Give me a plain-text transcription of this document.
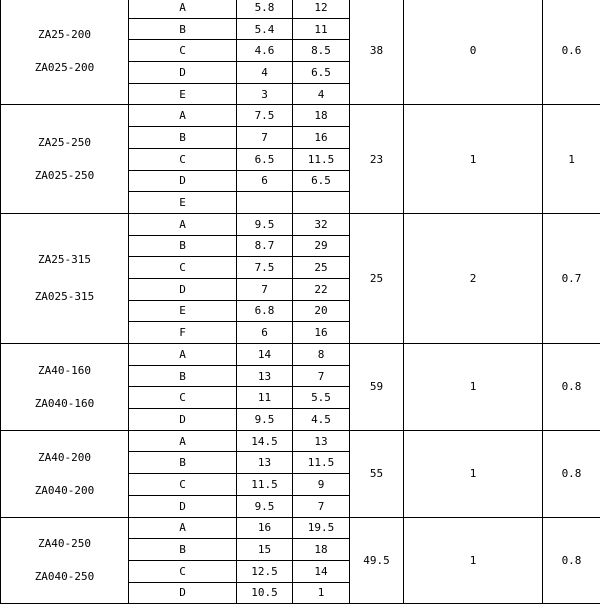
ZA25-200
ZA025-200	A	5.8	12	38	0	0.6
	B	5.4	11			
	C	4.6	8.5			
	D	4	6.5			
	E	3	4			

ZA25-250
ZA025-250	A	7.5	18	23	1	1
	B	7	16			
	C	6.5	11.5			
	D	6	6.5			
	E					

ZA25-315
ZA025-315	A	9.5	32	25	2	0.7
	B	8.7	29			
	C	7.5	25			
	D	7	22			
	E	6.8	20			
	F	6	16			

ZA40-160
ZA040-160	A	14	8	59	1	0.8
	B	13	7			
	C	11	5.5			
	D	9.5	4.5			

ZA40-200
ZA040-200	A	14.5	13	55	1	0.8
	B	13	11.5			
	C	11.5	9			
	D	9.5	7			

ZA40-250
ZA040-250	A	16	19.5	49.5	1	0.8
	B	15	18			
	C	12.5	14			
	D	10.5	1			
